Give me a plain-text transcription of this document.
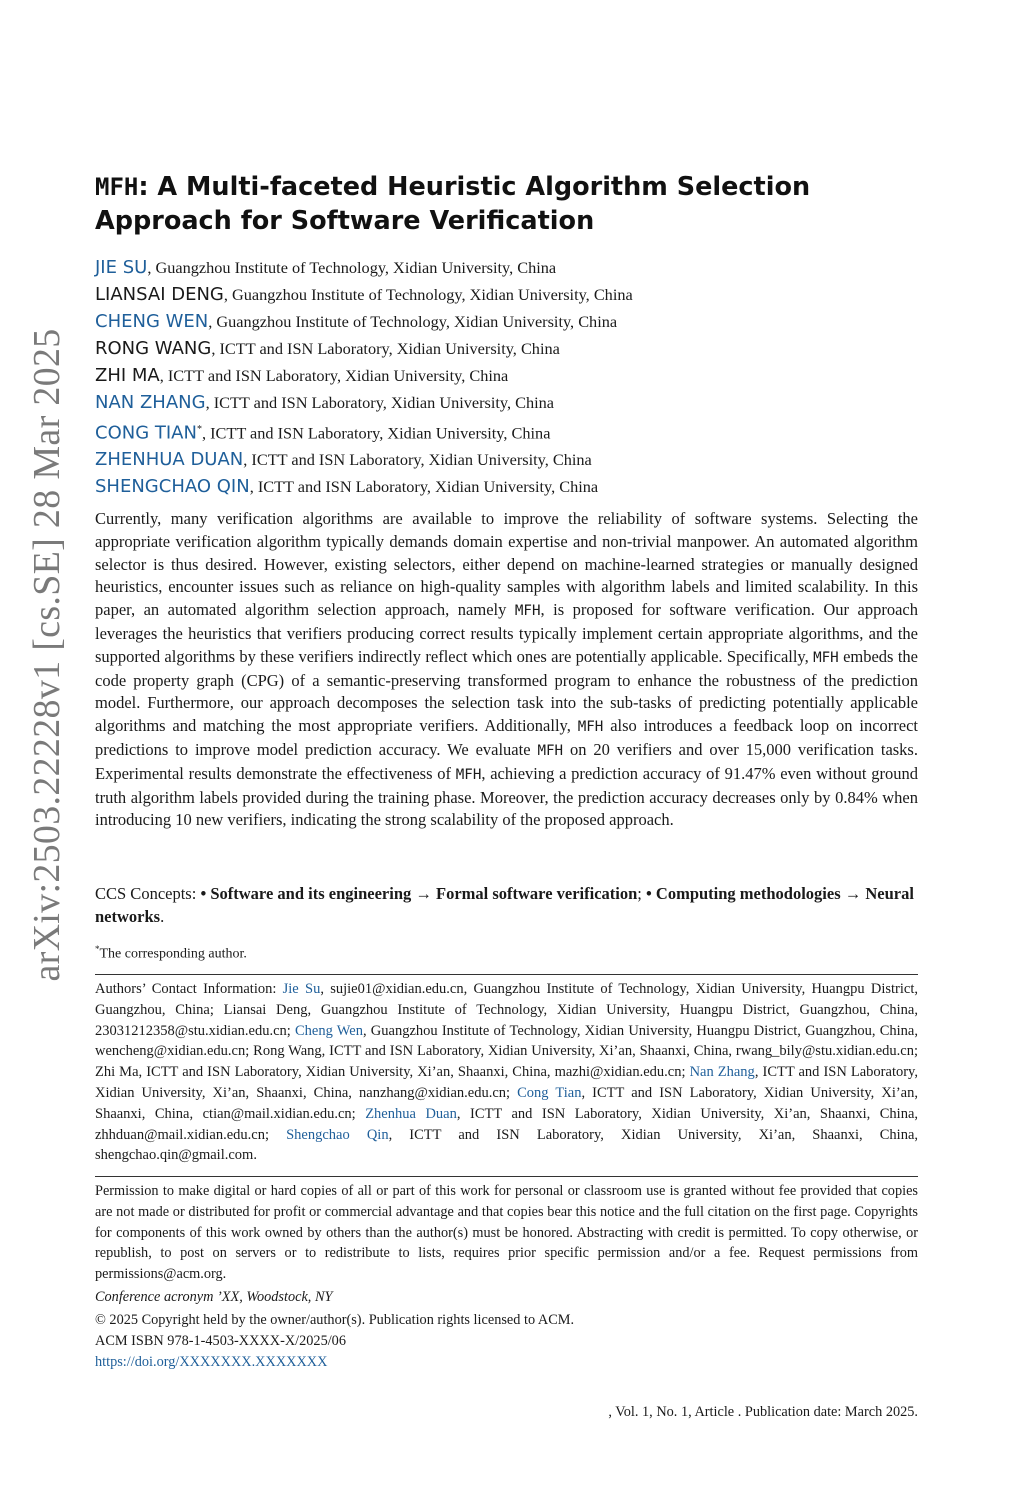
arXiv:2503.22228v1 [cs.SE] 28 Mar 2025
MFH: A Multi-faceted Heuristic Algorithm Selection Approach for Software Verification
JIE SU, Guangzhou Institute of Technology, Xidian University, China
LIANSAI DENG, Guangzhou Institute of Technology, Xidian University, China
CHENG WEN, Guangzhou Institute of Technology, Xidian University, China
RONG WANG, ICTT and ISN Laboratory, Xidian University, China
ZHI MA, ICTT and ISN Laboratory, Xidian University, China
NAN ZHANG, ICTT and ISN Laboratory, Xidian University, China
CONG TIAN*, ICTT and ISN Laboratory, Xidian University, China
ZHENHUA DUAN, ICTT and ISN Laboratory, Xidian University, China
SHENGCHAO QIN, ICTT and ISN Laboratory, Xidian University, China

Currently, many verification algorithms are available to improve the reliability of software systems. Selecting the appropriate verification algorithm typically demands domain expertise and non-trivial manpower. An automated algorithm selector is thus desired. However, existing selectors, either depend on machine-learned strategies or manually designed heuristics, encounter issues such as reliance on high-quality samples with algorithm labels and limited scalability. In this paper, an automated algorithm selection approach, namely MFH, is proposed for software verification. Our approach leverages the heuristics that verifiers producing correct results typically implement certain appropriate algorithms, and the supported algorithms by these verifiers indirectly reflect which ones are potentially applicable. Specifically, MFH embeds the code property graph (CPG) of a semantic-preserving transformed program to enhance the robustness of the prediction model. Furthermore, our approach decomposes the selection task into the sub-tasks of predicting potentially applicable algorithms and matching the most appropriate verifiers. Additionally, MFH also introduces a feedback loop on incorrect predictions to improve model prediction accuracy. We evaluate MFH on 20 verifiers and over 15,000 verification tasks. Experimental results demonstrate the effectiveness of MFH, achieving a prediction accuracy of 91.47% even without ground truth algorithm labels provided during the training phase. Moreover, the prediction accuracy decreases only by 0.84% when introducing 10 new verifiers, indicating the strong scalability of the proposed approach.

CCS Concepts: • Software and its engineering → Formal software verification; • Computing methodologies → Neural networks.

*The corresponding author.

Authors’ Contact Information: Jie Su, sujie01@xidian.edu.cn, Guangzhou Institute of Technology, Xidian University, Huangpu District, Guangzhou, China; Liansai Deng, Guangzhou Institute of Technology, Xidian University, Huangpu District, Guangzhou, China, 23031212358@stu.xidian.edu.cn; Cheng Wen, Guangzhou Institute of Technology, Xidian University, Huangpu District, Guangzhou, China, wencheng@xidian.edu.cn; Rong Wang, ICTT and ISN Laboratory, Xidian University, Xi’an, Shaanxi, China, rwang_bily@stu.xidian.edu.cn; Zhi Ma, ICTT and ISN Laboratory, Xidian University, Xi’an, Shaanxi, China, mazhi@xidian.edu.cn; Nan Zhang, ICTT and ISN Laboratory, Xidian University, Xi’an, Shaanxi, China, nanzhang@xidian.edu.cn; Cong Tian, ICTT and ISN Laboratory, Xidian University, Xi’an, Shaanxi, China, ctian@mail.xidian.edu.cn; Zhenhua Duan, ICTT and ISN Laboratory, Xidian University, Xi’an, Shaanxi, China, zhhduan@mail.xidian.edu.cn; Shengchao Qin, ICTT and ISN Laboratory, Xidian University, Xi’an, Shaanxi, China, shengchao.qin@gmail.com.

Permission to make digital or hard copies of all or part of this work for personal or classroom use is granted without fee provided that copies are not made or distributed for profit or commercial advantage and that copies bear this notice and the full citation on the first page. Copyrights for components of this work owned by others than the author(s) must be honored. Abstracting with credit is permitted. To copy otherwise, or republish, to post on servers or to redistribute to lists, requires prior specific permission and/or a fee. Request permissions from permissions@acm.org.

Conference acronym ’XX, Woodstock, NY
© 2025 Copyright held by the owner/author(s). Publication rights licensed to ACM.
ACM ISBN 978-1-4503-XXXX-X/2025/06
https://doi.org/XXXXXXX.XXXXXXX
, Vol. 1, No. 1, Article . Publication date: March 2025.
